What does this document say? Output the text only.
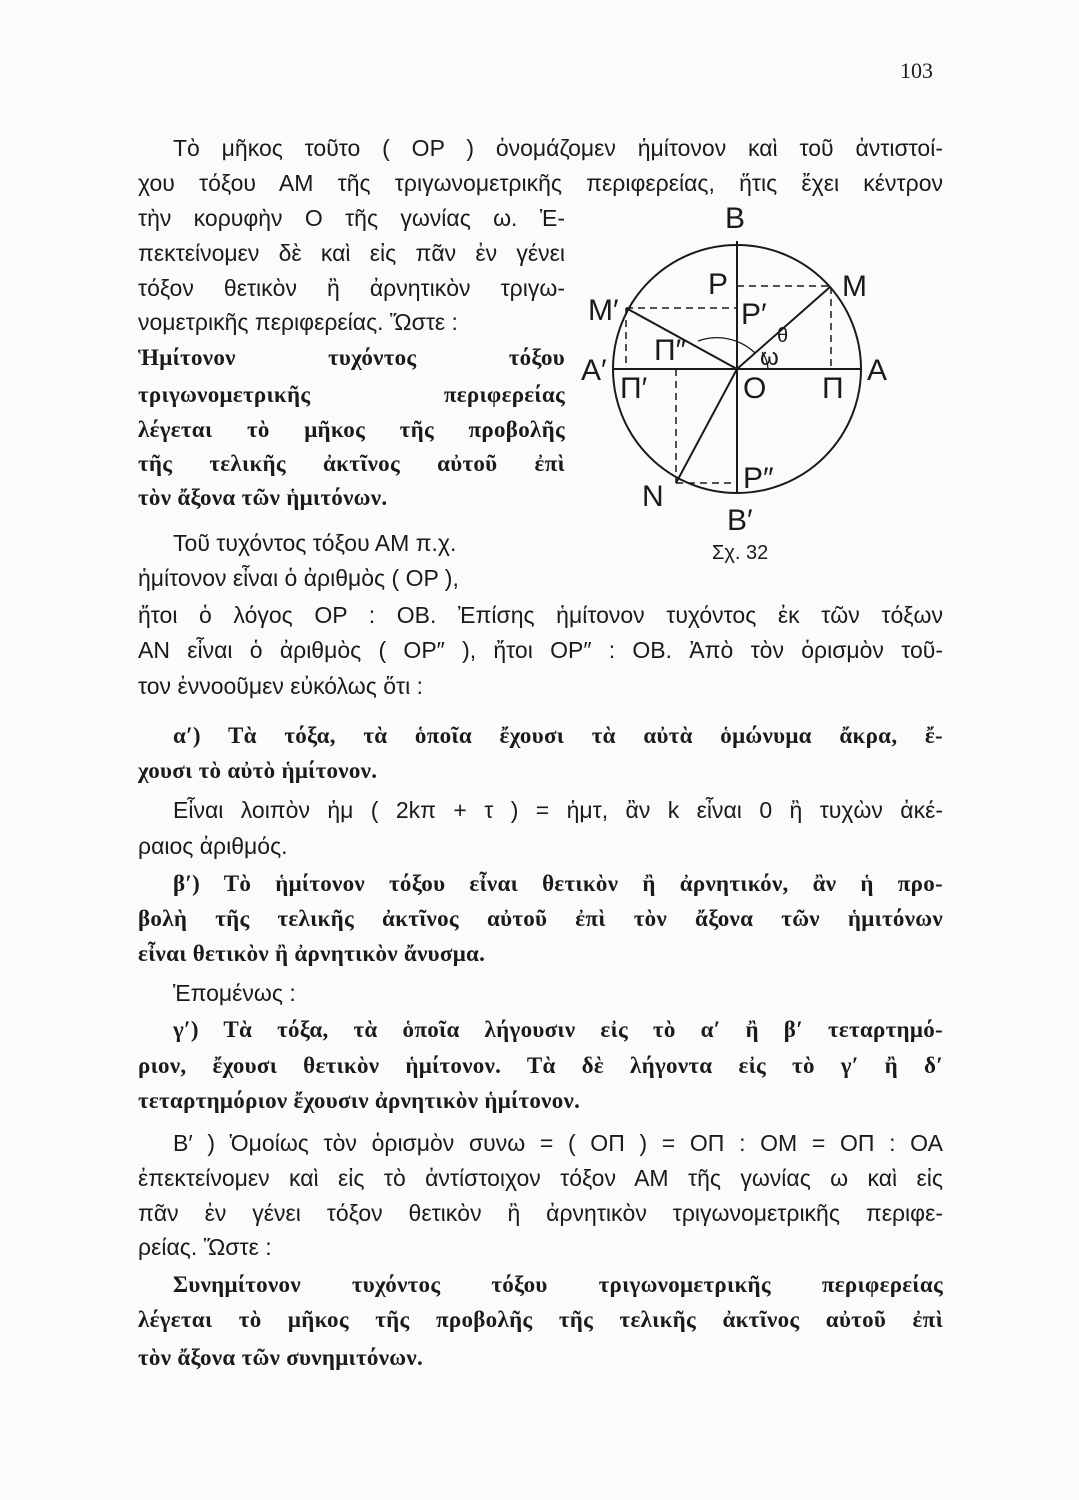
103
Τὸ μῆκος τοῦτο ( ΟΡ ) ὀνομάζομεν ἡμίτονον καὶ τοῦ ἀντιστοί-
χου τόξου ΑΜ τῆς τριγωνομετρικῆς περιφερείας, ἥτις ἔχει κέντρον
τὴν κορυφὴν Ο τῆς γωνίας ω. Ἐ-
πεκτείνομεν δὲ καὶ εἰς πᾶν ἐν γένει
τόξον θετικὸν ἢ ἀρνητικὸν τριγω-
νομετρικῆς περιφερείας. Ὥστε :
Ἡμίτονον τυχόντος τόξου
τριγωνομετρικῆς περιφερείας
λέγεται τὸ μῆκος τῆς προβολῆς
τῆς τελικῆς ἀκτῖνος αὐτοῦ ἐπὶ
τὸν ἄξονα τῶν ἡμιτόνων.
Τοῦ τυχόντος τόξου ΑΜ π.χ.
ἡμίτονον εἶναι ὁ ἀριθμὸς ( ΟΡ ),
ἤτοι ὁ λόγος ΟΡ : ΟΒ. Ἐπίσης ἡμίτονον τυχόντος ἐκ τῶν τόξων
ΑΝ εἶναι ὁ ἀριθμὸς ( ΟΡ″ ), ἤτοι ΟΡ″ : ΟΒ. Ἀπὸ τὸν ὁρισμὸν τοῦ-
τον ἐννοοῦμεν εὐκόλως ὅτι :
α′) Τὰ τόξα, τὰ ὁποῖα ἔχουσι τὰ αὐτὰ ὁμώνυμα ἄκρα, ἔ-
χουσι τὸ αὐτὸ ἡμίτονον.
Εἶναι λοιπὸν ἡμ ( 2kπ + τ ) = ἡμτ, ἂν k εἶναι 0 ἢ τυχὼν ἀκέ-
ραιος ἀριθμός.
β′) Τὸ ἡμίτονον τόξου εἶναι θετικὸν ἢ ἀρνητικόν, ἂν ἡ προ-
βολὴ τῆς τελικῆς ἀκτῖνος αὐτοῦ ἐπὶ τὸν ἄξονα τῶν ἡμιτόνων
εἶναι θετικὸν ἢ ἀρνητικὸν ἄνυσμα.
Ἑπομένως :
γ′) Τὰ τόξα, τὰ ὁποῖα λήγουσιν εἰς τὸ α′ ἢ β′ τεταρτημό-
ριον, ἔχουσι θετικὸν ἡμίτονον. Τὰ δὲ λήγοντα εἰς τὸ γ′ ἢ δ′
τεταρτημόριον ἔχουσιν ἀρνητικὸν ἡμίτονον.
Β′ ) Ὁμοίως τὸν ὁρισμὸν συνω = ( ΟΠ ) = ΟΠ : ΟΜ = ΟΠ : ΟΑ
ἐπεκτείνομεν καὶ εἰς τὸ ἀντίστοιχον τόξον ΑΜ τῆς γωνίας ω καὶ εἰς
πᾶν ἐν γένει τόξον θετικὸν ἢ ἀρνητικὸν τριγωνομετρικῆς περιφε-
ρείας. Ὥστε :
Συνημίτονον τυχόντος τόξου τριγωνομετρικῆς περιφερείας
λέγεται τὸ μῆκος τῆς προβολῆς τῆς τελικῆς ἀκτῖνος αὐτοῦ ἐπὶ
τὸν ἄξονα τῶν συνημιτόνων.
B
P	M
M′	P′
θ
Π″	ω
A′	A
Π′	O Π
P″
N
B′
Σχ. 32
